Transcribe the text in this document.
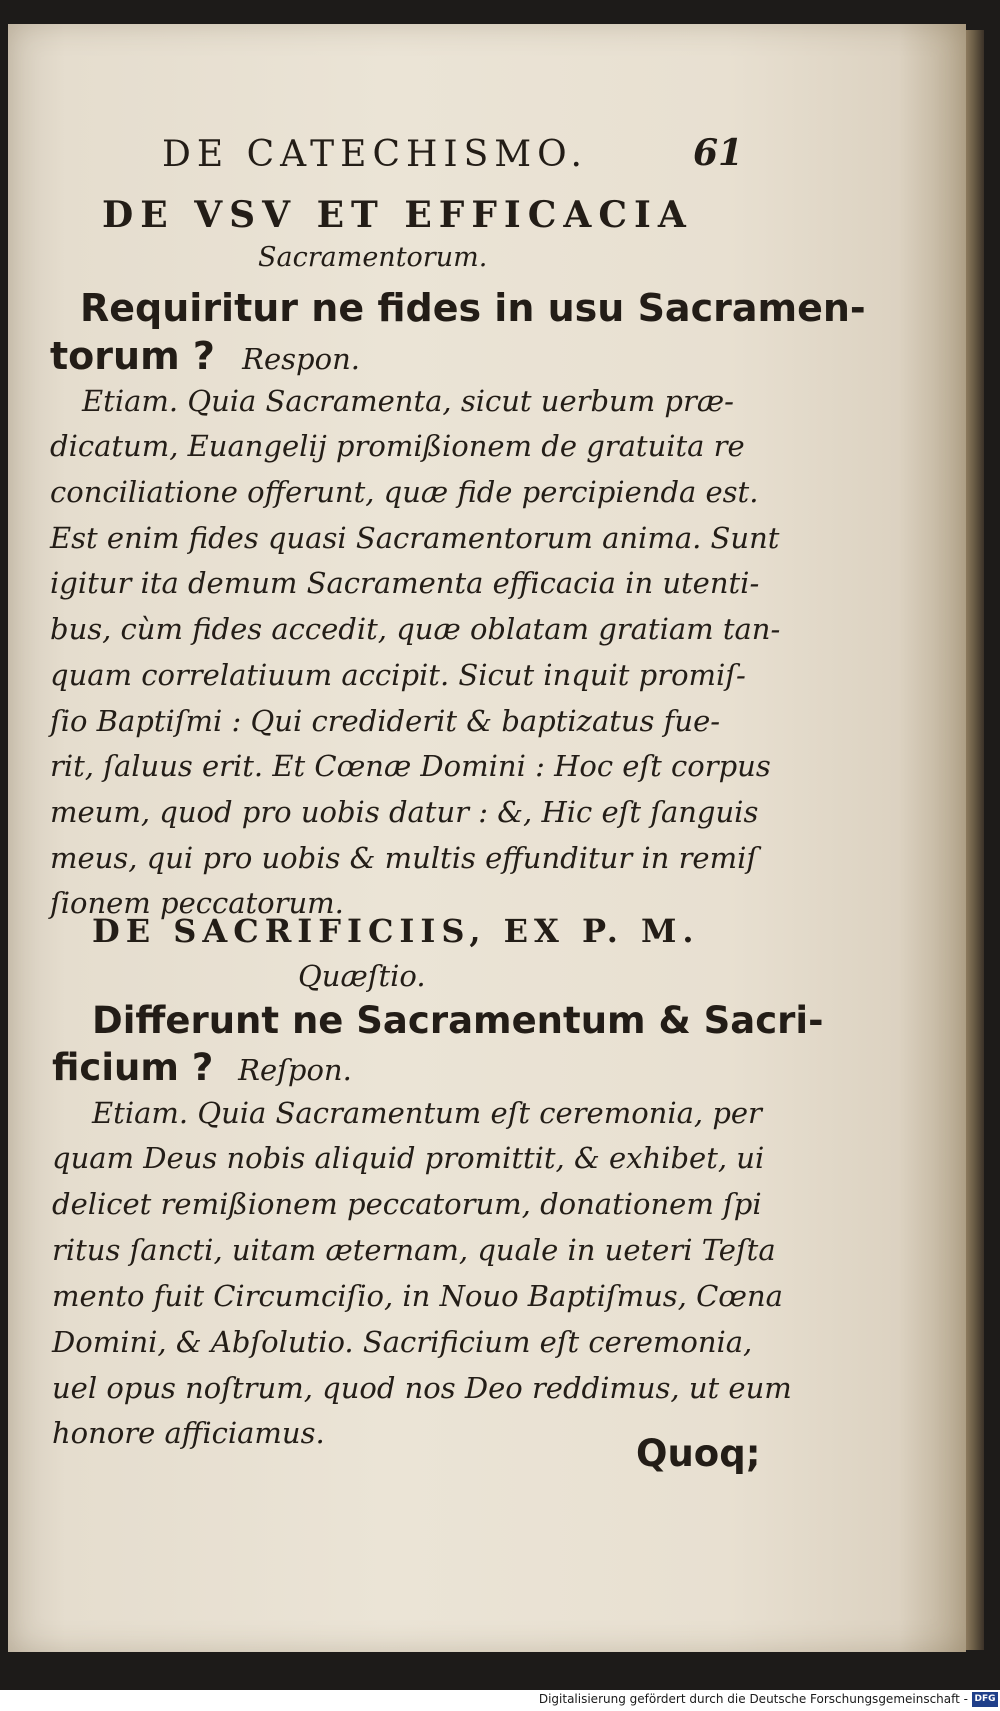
DE CATECHISMO.
DE VSV ET EFFICACIA
Sacramentorum.
Requiritur ne fides in usu Sacramen-
torum ? Respon.
Etiam. Quia Sacramenta, sicut uerbum præ-
dicatum, Euangelij promißionem de gratuita re
conciliatione offerunt, quæ fide percipienda est.
Est enim fides quasi Sacramentorum anima. Sunt
igitur ita demum Sacramenta efficacia in utenti-
bus, cùm fides accedit, quæ oblatam gratiam tan-
quam correlatiuum accipit. Sicut inquit promiſ-
ſio Baptiſmi : Qui crediderit & baptizatus fue-
rit, ſaluus erit. Et Cœnæ Domini : Hoc eſt corpus
meum, quod pro uobis datur : &, Hic eſt ſanguis
meus, qui pro uobis & multis effunditur in remiſ
ſionem peccatorum.
DE SACRIFICIIS, EX P. M.
Quæſtio.
Differunt ne Sacramentum & Sacri-
ficium ? Reſpon.
Etiam. Quia Sacramentum eſt ceremonia, per
quam Deus nobis aliquid promittit, & exhibet, ui
delicet remißionem peccatorum, donationem ſpi
ritus ſancti, uitam æternam, quale in ueteri Teſta
mento fuit Circumciſio, in Nouo Baptiſmus, Cœna
Domini, & Abſolutio. Sacrificium eſt ceremonia,
uel opus noſtrum, quod nos Deo reddimus, ut eum
honore afficiamus.
61
Quoq;
Digitalisierung gefördert durch die Deutsche Forschungsgemeinschaft - DFG
